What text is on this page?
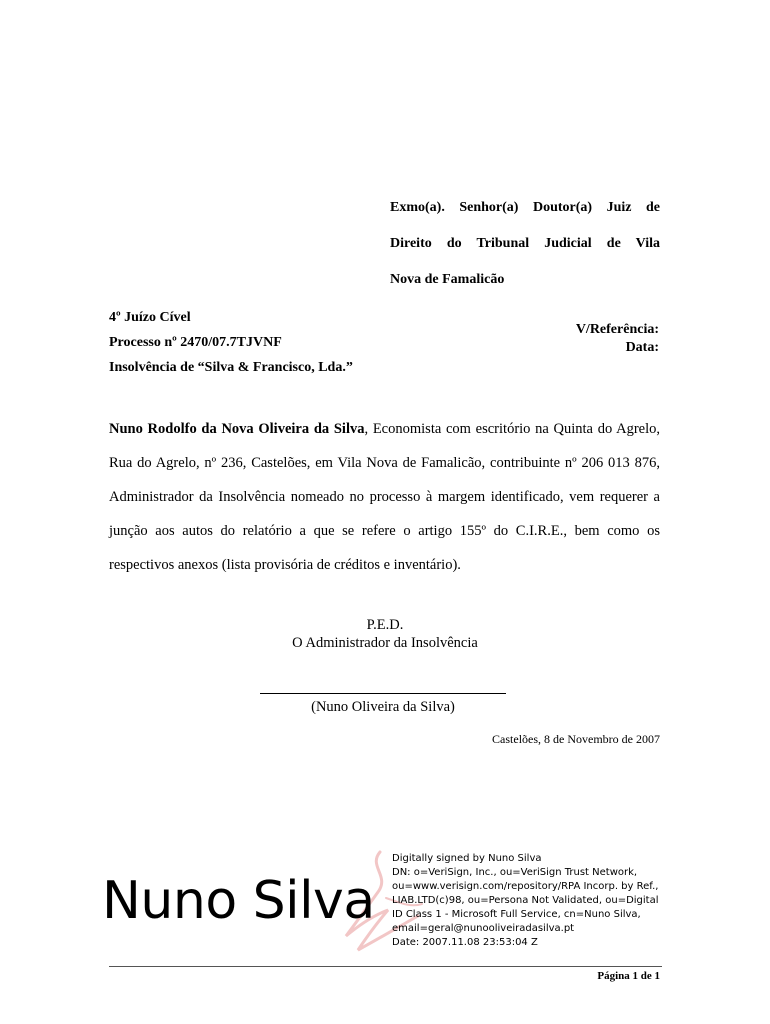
Exmo(a). Senhor(a) Doutor(a) Juiz de
Direito do Tribunal Judicial de Vila
Nova de Famalicão
4º Juízo Cível
Processo nº 2470/07.7TJVNF
Insolvência de “Silva & Francisco, Lda.”
V/Referência:
Data:
Nuno Rodolfo da Nova Oliveira da Silva, Economista com escritório na Quinta do Agrelo, Rua do Agrelo, nº 236, Castelões, em Vila Nova de Famalicão, contribuinte nº 206 013 876, Administrador da Insolvência nomeado no processo à margem identificado, vem requerer a junção aos autos do relatório a que se refere o artigo 155º do C.I.R.E., bem como os respectivos anexos (lista provisória de créditos e inventário).
P.E.D.
O Administrador da Insolvência
(Nuno Oliveira da Silva)
Castelões, 8 de Novembro de 2007
Nuno Silva
Digitally signed by Nuno Silva
DN: o=VeriSign, Inc., ou=VeriSign Trust Network,
ou=www.verisign.com/repository/RPA Incorp. by Ref.,
LIAB.LTD(c)98, ou=Persona Not Validated, ou=Digital
ID Class 1 - Microsoft Full Service, cn=Nuno Silva,
email=geral@nunooliveiradasilva.pt
Date: 2007.11.08 23:53:04 Z
Página 1 de 1
